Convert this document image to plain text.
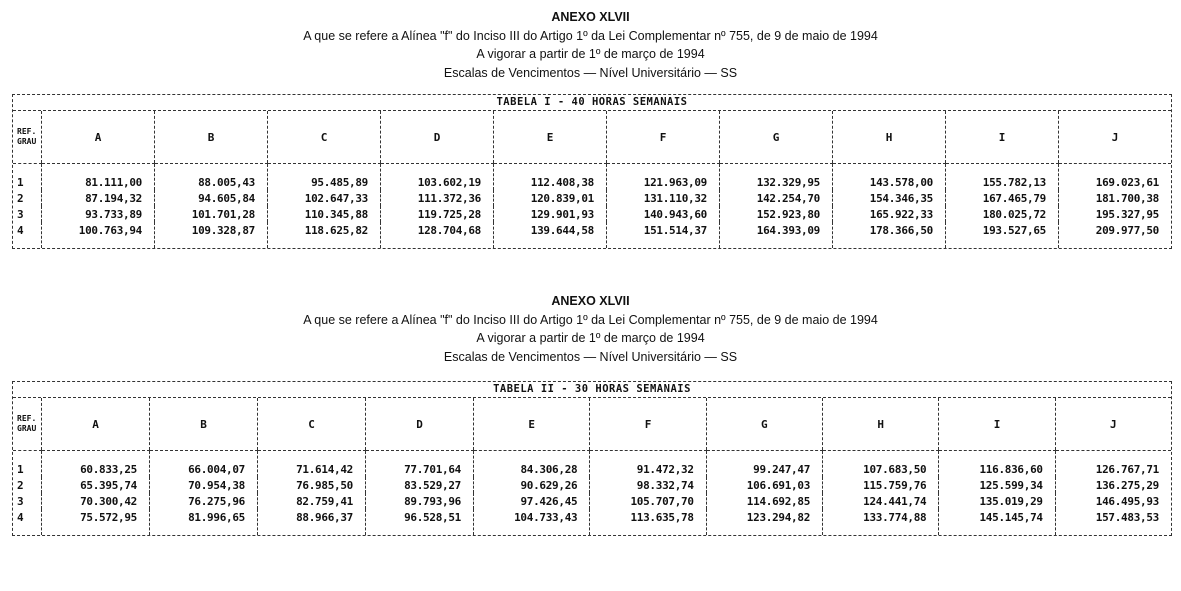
ANEXO XLVII
A que se refere a Alínea "f" do Inciso III do Artigo 1º da Lei Complementar nº 755, de 9 de maio de 1994
A vigorar a partir de 1º de março de 1994
Escalas de Vencimentos — Nível Universitário — SS
TABELA I - 40 HORAS SEMANAIS
REF.
GRAU	A	B	C	D	E	F	G	H	I	J
1	81.111,00	88.005,43	95.485,89	103.602,19	112.408,38	121.963,09	132.329,95	143.578,00	155.782,13	169.023,61
2	87.194,32	94.605,84	102.647,33	111.372,36	120.839,01	131.110,32	142.254,70	154.346,35	167.465,79	181.700,38
3	93.733,89	101.701,28	110.345,88	119.725,28	129.901,93	140.943,60	152.923,80	165.922,33	180.025,72	195.327,95
4	100.763,94	109.328,87	118.625,82	128.704,68	139.644,58	151.514,37	164.393,09	178.366,50	193.527,65	209.977,50
ANEXO XLVII
A que se refere a Alínea "f" do Inciso III do Artigo 1º da Lei Complementar nº 755, de 9 de maio de 1994
A vigorar a partir de 1º de março de 1994
Escalas de Vencimentos — Nível Universitário — SS
TABELA II - 30 HORAS SEMANAIS
REF.
GRAU	A	B	C	D	E	F	G	H	I	J
1	60.833,25	66.004,07	71.614,42	77.701,64	84.306,28	91.472,32	99.247,47	107.683,50	116.836,60	126.767,71
2	65.395,74	70.954,38	76.985,50	83.529,27	90.629,26	98.332,74	106.691,03	115.759,76	125.599,34	136.275,29
3	70.300,42	76.275,96	82.759,41	89.793,96	97.426,45	105.707,70	114.692,85	124.441,74	135.019,29	146.495,93
4	75.572,95	81.996,65	88.966,37	96.528,51	104.733,43	113.635,78	123.294,82	133.774,88	145.145,74	157.483,53
